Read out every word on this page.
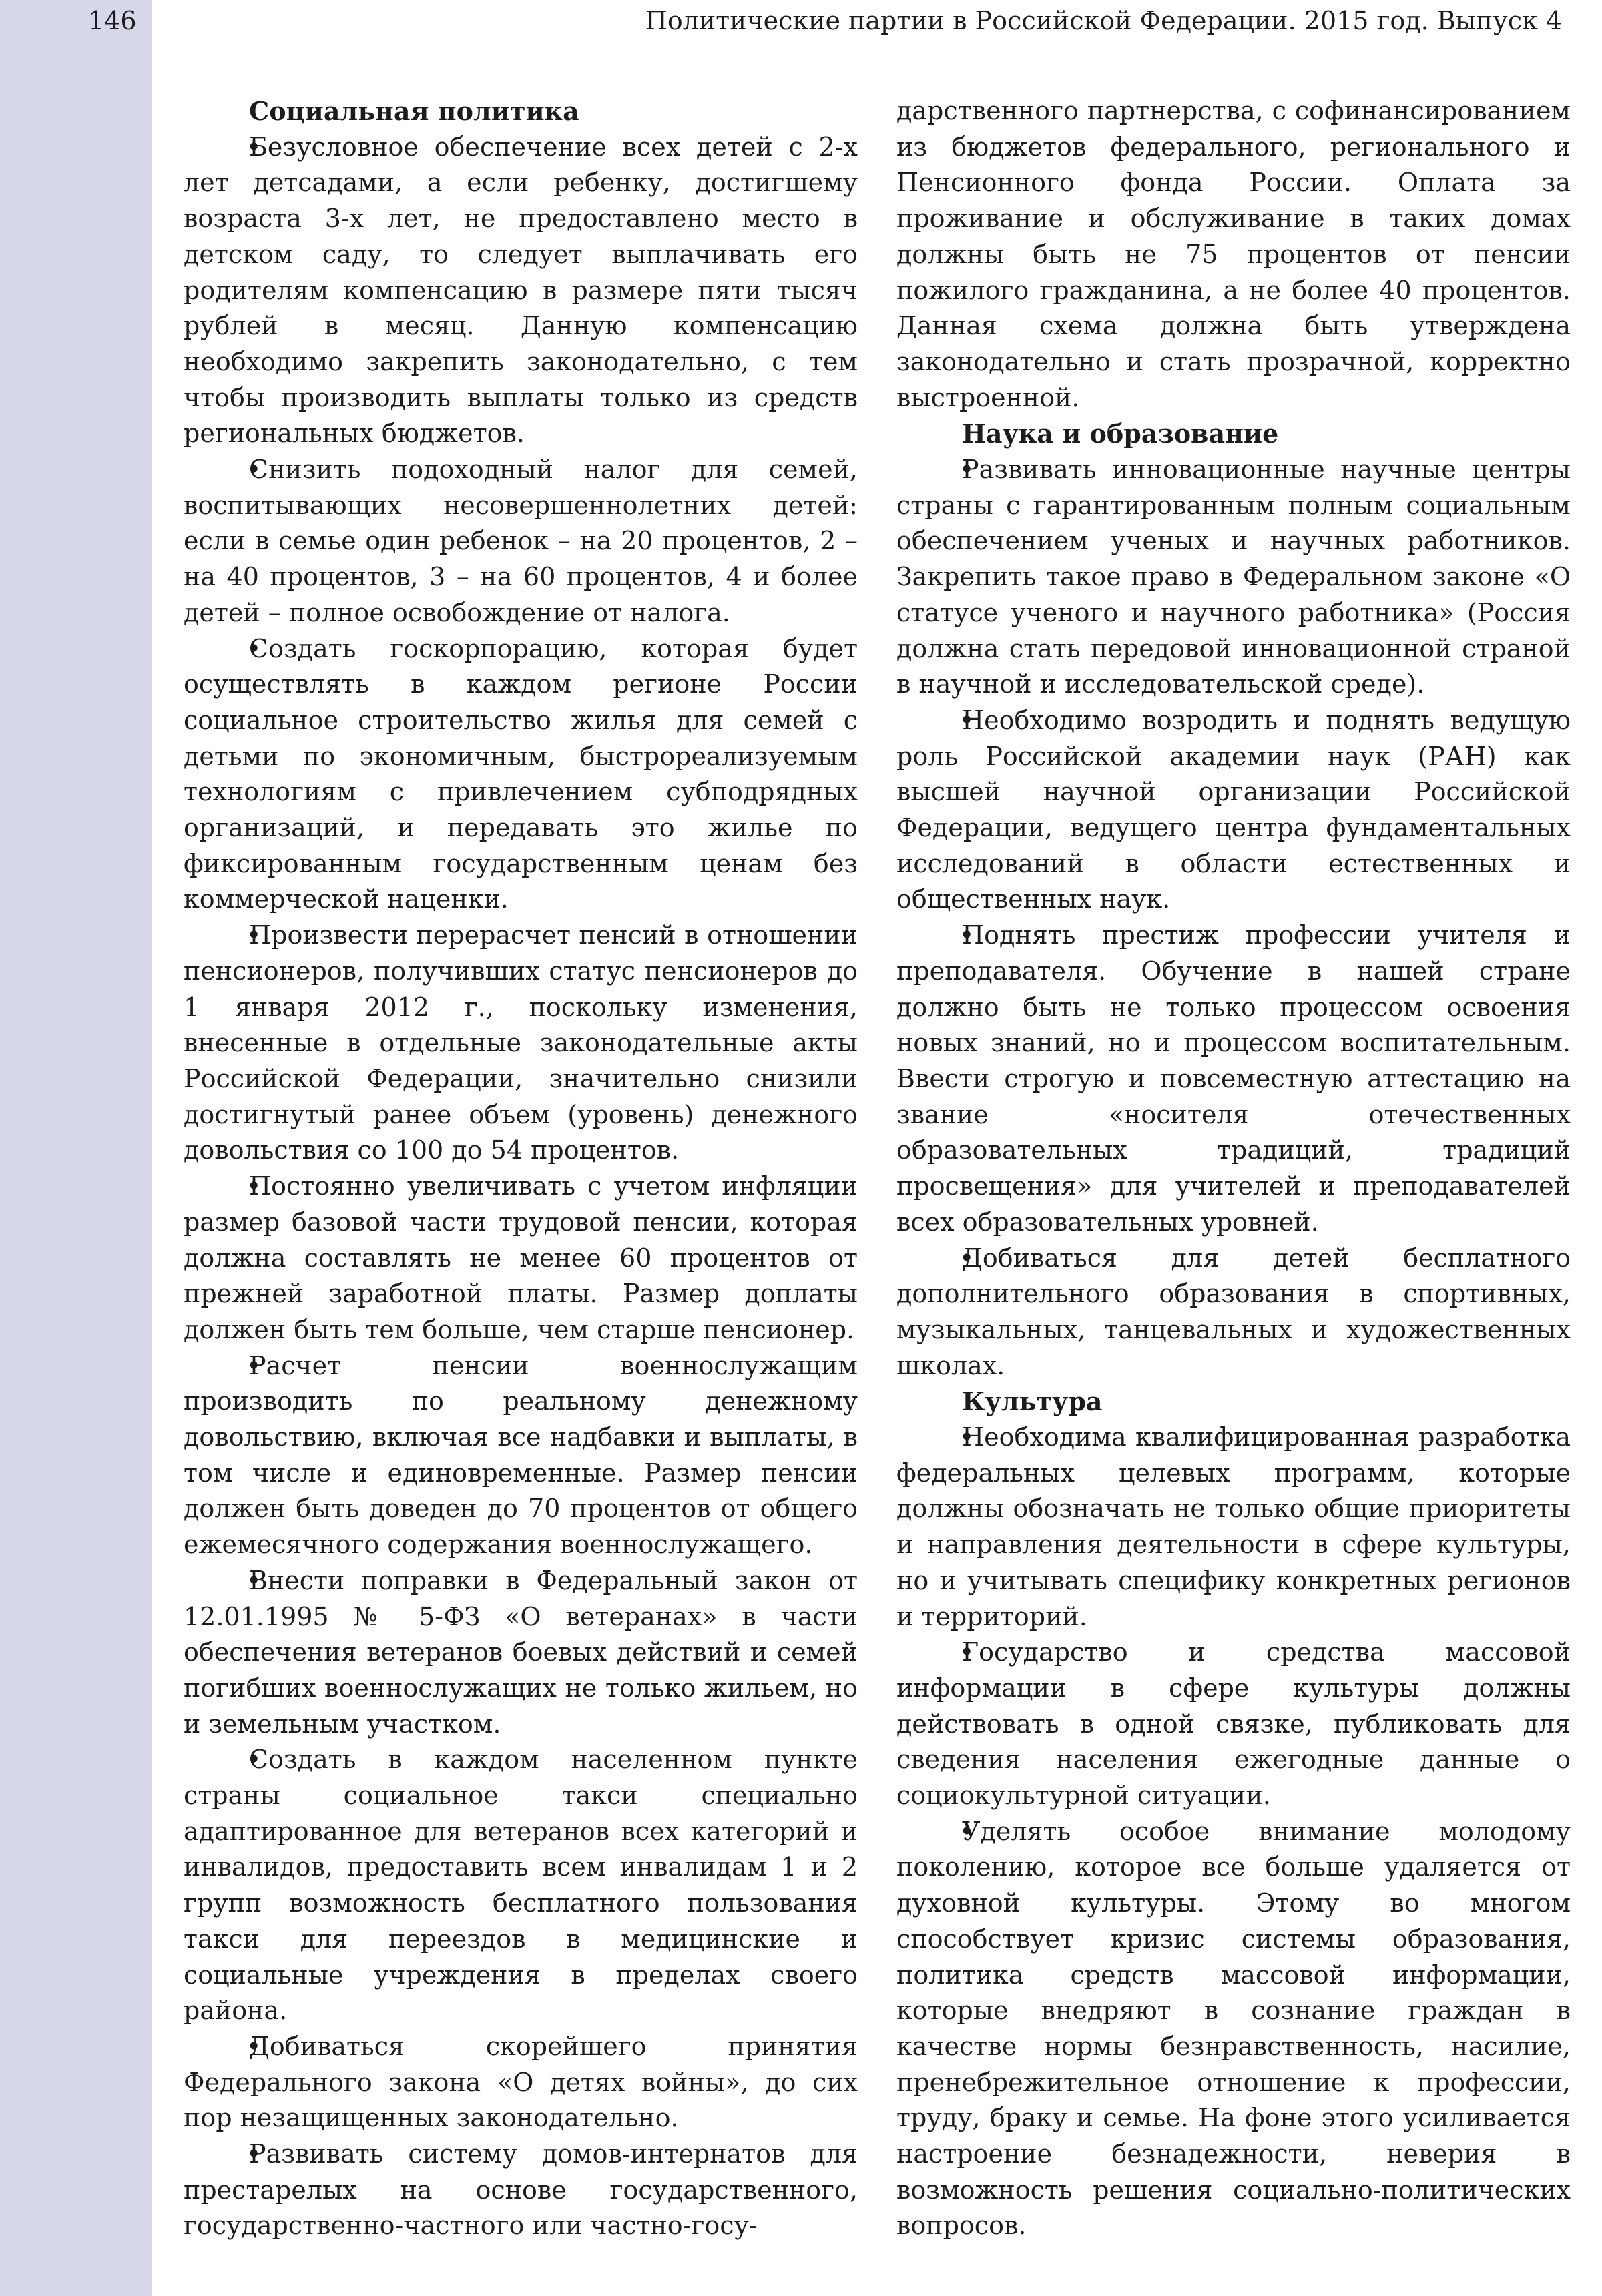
146	Политические партии в Российской Федерации. 2015 год. Выпуск 4
Социальная политика

• Безусловное обеспечение всех детей с 2-х лет детсадами, а если ребенку, достигшему возраста 3-х лет, не предоставлено место в детском саду, то следует выплачивать его родителям компенсацию в размере пяти тысяч рублей в месяц. Данную компенсацию необходимо закрепить законодательно, с тем чтобы производить выплаты только из средств региональных бюджетов.

• Снизить подоходный налог для семей, воспитывающих несовершеннолетних детей: если в семье один ребенок – на 20 процентов, 2 – на 40 процентов, 3 – на 60 процентов, 4 и более детей – полное освобождение от налога.

• Создать госкорпорацию, которая будет осуществлять в каждом регионе России социальное строительство жилья для семей с детьми по экономичным, быстрореализуемым технологиям с привлечением субподрядных организаций, и передавать это жилье по фиксированным государственным ценам без коммерческой наценки.

• Произвести перерасчет пенсий в отношении пенсионеров, получивших статус пенсионеров до 1 января 2012 г., поскольку изменения, внесенные в отдельные законодательные акты Российской Федерации, значительно снизили достигнутый ранее объем (уровень) денежного довольствия со 100 до 54 процентов.

• Постоянно увеличивать с учетом инфляции размер базовой части трудовой пенсии, которая должна составлять не менее 60 процентов от прежней заработной платы. Размер доплаты должен быть тем больше, чем старше пенсионер.

• Расчет пенсии военнослужащим производить по реальному денежному довольствию, включая все надбавки и выплаты, в том числе и единовременные. Размер пенсии должен быть доведен до 70 процентов от общего ежемесячного содержания военнослужащего.

• Внести поправки в Федеральный закон от 12.01.1995 № 5-ФЗ «О ветеранах» в части обеспечения ветеранов боевых действий и семей погибших военнослужащих не только жильем, но и земельным участком.

• Создать в каждом населенном пункте страны социальное такси специально адаптированное для ветеранов всех категорий и инвалидов, предоставить всем инвалидам 1 и 2 групп возможность бесплатного пользования такси для переездов в медицинские и социальные учреждения в пределах своего района.

• Добиваться скорейшего принятия Федерального закона «О детях войны», до сих пор незащищенных законодательно.

• Развивать систему домов-интернатов для престарелых на основе государственного, государственно-частного или частно-госу-

дарственного партнерства, с софинансированием из бюджетов федерального, регионального и Пенсионного фонда России. Оплата за проживание и обслуживание в таких домах должны быть не 75 процентов от пенсии пожилого гражданина, а не более 40 процентов. Данная схема должна быть утверждена законодательно и стать прозрачной, корректно выстроенной.

Наука и образование

• Развивать инновационные научные центры страны с гарантированным полным социальным обеспечением ученых и научных работников. Закрепить такое право в Федеральном законе «О статусе ученого и научного работника» (Россия должна стать передовой инновационной страной в научной и исследовательской среде).

• Необходимо возродить и поднять ведущую роль Российской академии наук (РАН) как высшей научной организации Российской Федерации, ведущего центра фундаментальных исследований в области естественных и общественных наук.

• Поднять престиж профессии учителя и преподавателя. Обучение в нашей стране должно быть не только процессом освоения новых знаний, но и процессом воспитательным. Ввести строгую и повсеместную аттестацию на звание «носителя отечественных образовательных традиций, традиций просвещения» для учителей и преподавателей всех образовательных уровней.

• Добиваться для детей бесплатного дополнительного образования в спортивных, музыкальных, танцевальных и художественных школах.

Культура

• Необходима квалифицированная разработка федеральных целевых программ, которые должны обозначать не только общие приоритеты и направления деятельности в сфере культуры, но и учитывать специфику конкретных регионов и территорий.

• Государство и средства массовой информации в сфере культуры должны действовать в одной связке, публиковать для сведения населения ежегодные данные о социокультурной ситуации.

• Уделять особое внимание молодому поколению, которое все больше удаляется от духовной культуры. Этому во многом способствует кризис системы образования, политика средств массовой информации, которые внедряют в сознание граждан в качестве нормы безнравственность, насилие, пренебрежительное отношение к профессии, труду, браку и семье. На фоне этого усиливается настроение безнадежности, неверия в возможность решения социально-политических вопросов.
